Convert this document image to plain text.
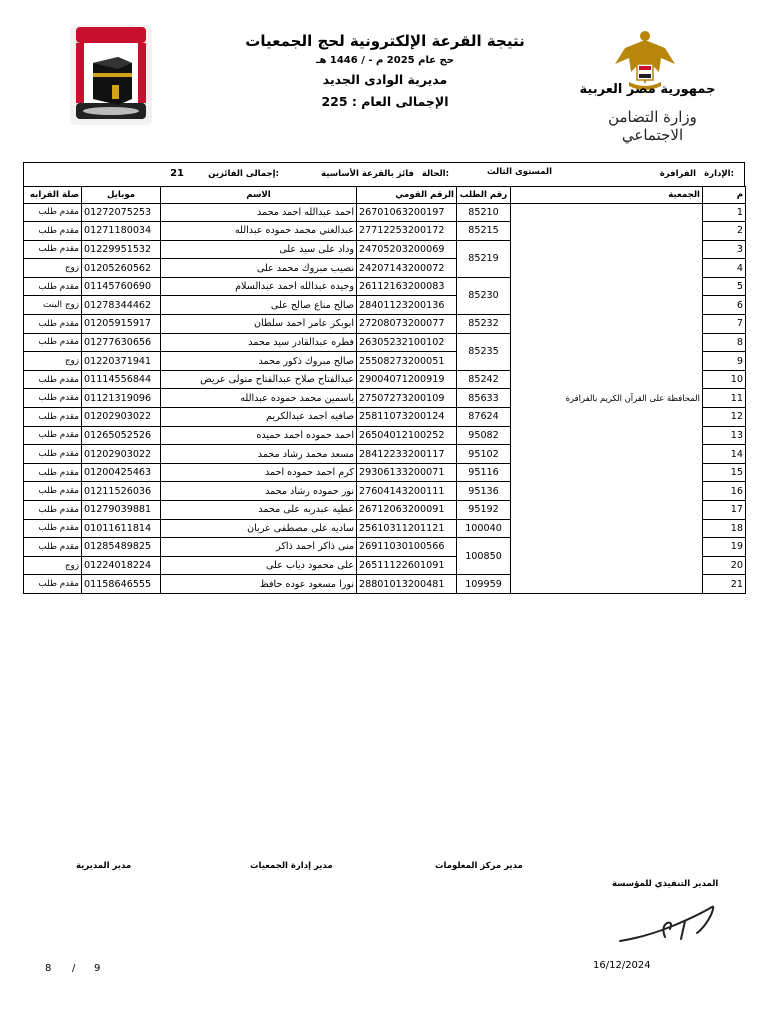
جمهورية مصر العربية
وزارة التضامن الاجتماعي
نتيجة القرعة الإلكترونية لحج الجمعيات
حج عام 2025 م - / 1446 هـ
مديرية الوادى الجديد
الإجمالى العام : 225
الإدارة:
الفرافرة
المستوى الثالث
الحالة:
فائز بالقرعة الأساسية
إجمالى الفائزين:
21
صلة القرابه	موبايل	الاسم	الرقم القومي	رقم الطلب	الجمعية	م
مقدم طلب	01272075253	احمد عبدالله احمد محمد	26701063200197	85210	المحافظة على القرآن الكريم بالفرافرة	1
مقدم طلب	01271180034	عبدالغني محمد حموده عبدالله	27712253200172	85215		2
مقدم طلب	01229951532	وداد على سيد على	24705203200069	85219		3
زوج	01205260562	نصيب مبروك محمد على	24207143200072			4
مقدم طلب	01145760690	وجيده عبدالله احمد عبدالسلام	26112163200083	85230		5
زوج البنت	01278344462	صالح مناع صالح على	28401123200136			6
مقدم طلب	01205915917	ابوبكر عامر احمد سلطان	27208073200077	85232		7
مقدم طلب	01277630656	فطره عبدالقادر سيد محمد	26305232100102	85235		8
زوج	01220371941	صالح مبروك ذكور محمد	25508273200051			9
مقدم طلب	01114556844	عبدالفتاح صلاح عبدالفتاح متولى عريض	29004071200919	85242		10
مقدم طلب	01121319096	ياسمين محمد حموده عبدالله	27507273200109	85633		11
مقدم طلب	01202903022	صافيه احمد عبدالكريم	25811073200124	87624		12
مقدم طلب	01265052526	احمد حموده احمد حميده	26504012100252	95082		13
مقدم طلب	01202903022	مسعد محمد رشاد محمد	28412233200117	95102		14
مقدم طلب	01200425463	كرم احمد حموده احمد	29306133200071	95116		15
مقدم طلب	01211526036	نور حموده رشاد محمد	27604143200111	95136		16
مقدم طلب	01279039881	عطيه عبدربه على محمد	26712063200091	95192		17
مقدم طلب	01011611814	ساديه على مصطفى عريان	25610311201121	100040		18
مقدم طلب	01285489825	منى ذاكر احمد ذاكر	26911030100566	100850		19
زوج	01224018224	على محمود دياب على	26511122601091			20
مقدم طلب	01158646555	نورا مسعود عوده حافظ	28801013200481	109959		21
مدير المديرية	مدير إدارة الجمعيات	مدير مركز المعلومات
المدير التنفيذي للمؤسسة
16/12/2024
8 / 9
